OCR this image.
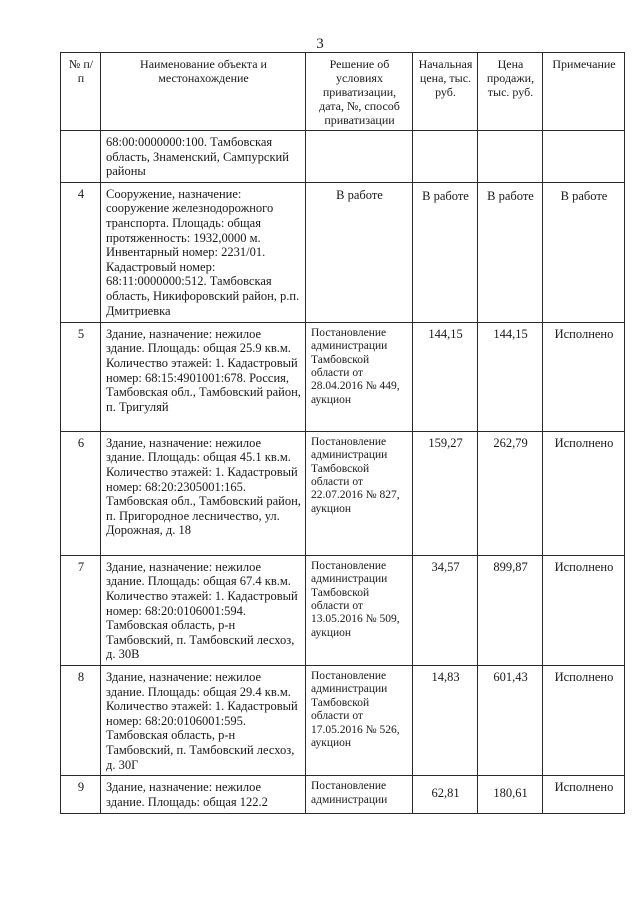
3
№ п/п	Наименование объекта и местонахождение	Решение об условиях приватизации, дата, №, способ приватизации	Начальная цена, тыс. руб.	Цена продажи, тыс. руб.	Примечание
	68:00:0000000:100. Тамбовская область, Знаменский, Сампурский районы				
4	Сооружение, назначение: сооружение железнодорожного транспорта. Площадь: общая протяженность: 1932,0000 м. Инвентарный номер: 2231/01. Кадастровый номер: 68:11:0000000:512. Тамбовская область, Никифоровский район, р.п. Дмитриевка	В работе	В работе	В работе	В работе
5	Здание, назначение: нежилое здание. Площадь: общая 25.9 кв.м. Количество этажей: 1. Кадастровый номер: 68:15:4901001:678. Россия, Тамбовская обл., Тамбовский район, п. Тригуляй	Постановление администрации Тамбовской области от 28.04.2016 № 449, аукцион	144,15	144,15	Исполнено
6	Здание, назначение: нежилое здание. Площадь: общая 45.1 кв.м. Количество этажей: 1. Кадастровый номер: 68:20:2305001:165. Тамбовская обл., Тамбовский район, п. Пригородное лесничество, ул. Дорожная, д. 18	Постановление администрации Тамбовской области от 22.07.2016 № 827, аукцион	159,27	262,79	Исполнено
7	Здание, назначение: нежилое здание. Площадь: общая 67.4 кв.м. Количество этажей: 1. Кадастровый номер: 68:20:0106001:594. Тамбовская область, р-н Тамбовский, п. Тамбовский лесхоз, д. 30В	Постановление администрации Тамбовской области от 13.05.2016 № 509, аукцион	34,57	899,87	Исполнено
8	Здание, назначение: нежилое здание. Площадь: общая 29.4 кв.м. Количество этажей: 1. Кадастровый номер: 68:20:0106001:595. Тамбовская область, р-н Тамбовский, п. Тамбовский лесхоз, д. 30Г	Постановление администрации Тамбовской области от 17.05.2016 № 526, аукцион	14,83	601,43	Исполнено
9	Здание, назначение: нежилое здание. Площадь: общая 122.2	Постановление администрации	62,81	180,61	Исполнено
